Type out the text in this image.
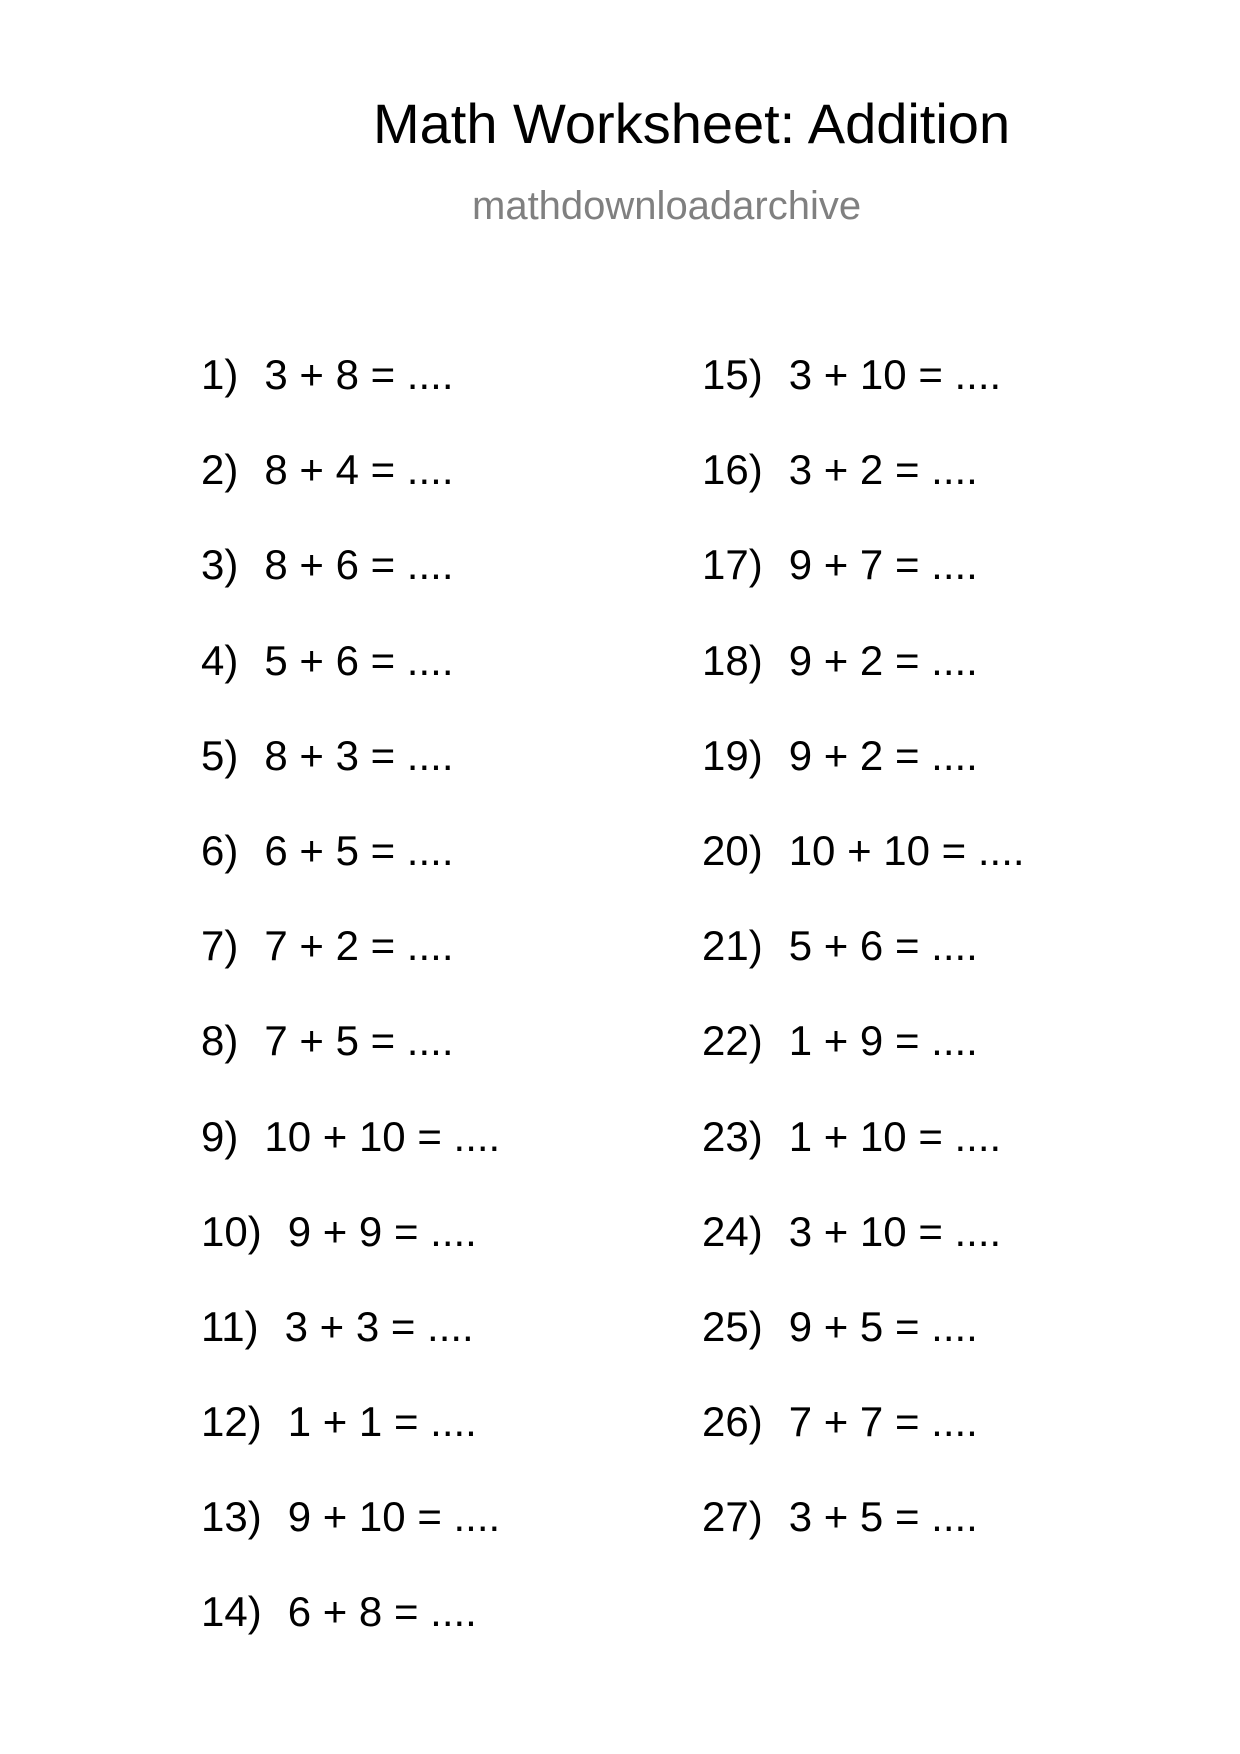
Math Worksheet: Addition
mathdownloadarchive
1) 3 + 8 = ....
2) 8 + 4 = ....
3) 8 + 6 = ....
4) 5 + 6 = ....
5) 8 + 3 = ....
6) 6 + 5 = ....
7) 7 + 2 = ....
8) 7 + 5 = ....
9) 10 + 10 = ....
10) 9 + 9 = ....
11) 3 + 3 = ....
12) 1 + 1 = ....
13) 9 + 10 = ....
14) 6 + 8 = ....
15) 3 + 10 = ....
16) 3 + 2 = ....
17) 9 + 7 = ....
18) 9 + 2 = ....
19) 9 + 2 = ....
20) 10 + 10 = ....
21) 5 + 6 = ....
22) 1 + 9 = ....
23) 1 + 10 = ....
24) 3 + 10 = ....
25) 9 + 5 = ....
26) 7 + 7 = ....
27) 3 + 5 = ....
